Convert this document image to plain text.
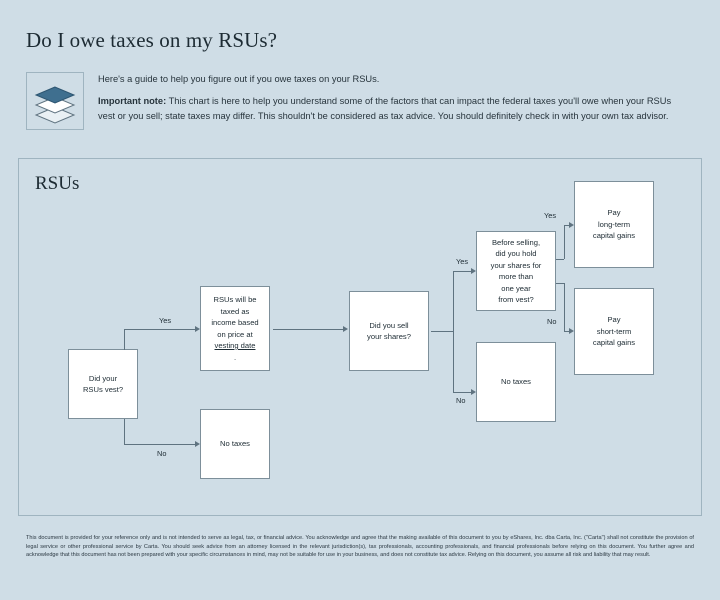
Do I owe taxes on my RSUs?

Here's a guide to help you figure out if you owe taxes on your RSUs.

Important note: This chart is here to help you understand some of the factors that can impact the federal taxes you'll owe when your RSUs vest or you sell; state taxes may differ. This shouldn't be considered as tax advice. You should definitely check in with your own tax advisor.

RSUs
Did your
RSUs vest?
RSUs will be
taxed as
income based
on price at

vesting date
.
No taxes
Did you sell
your shares?
Before selling,
did you hold
your shares for
more than
one year
from vest?
No taxes
Pay
long-term
capital gains
Pay
short-term
capital gains
Yes
No
Yes
No
Yes
No
This document is provided for your reference only and is not intended to serve as legal, tax, or financial advice. You acknowledge and agree that the making available of this document to you by eShares, Inc. dba Carta, Inc. ("Carta") shall not constitute the provision of legal service or other professional service by Carta. You should seek advice from an attorney licensed in the relevant jurisdiction(s), tax professionals, accounting professionals, and financial professionals before relying on this document. You further agree and acknowledge that this document has not been prepared with your specific circumstances in mind, may not be suitable for use in your business, and does not constitute tax advice. Relying on this document, you assume all risk and liability that may result.
